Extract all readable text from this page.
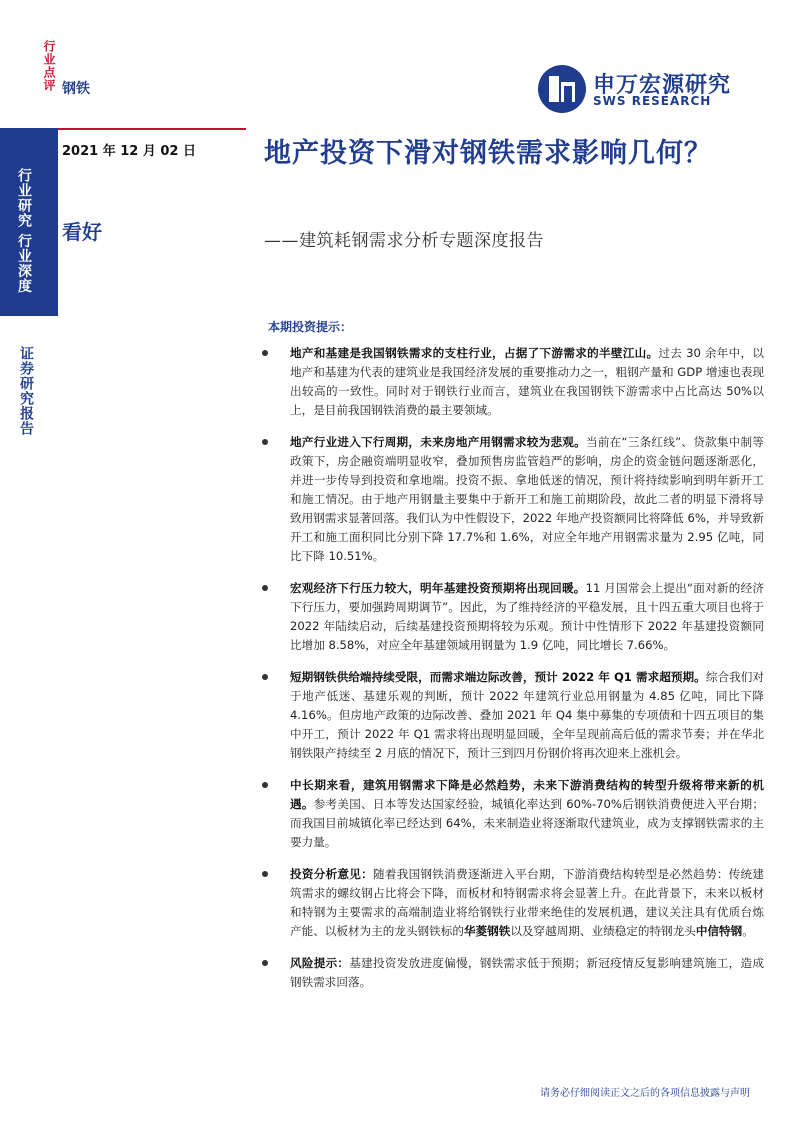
行业点评
行业研究 行业深度
证券研究报告
钢铁
2021 年 12 月 02 日
看好
申万宏源研究
SWS RESEARCH
地产投资下滑对钢铁需求影响几何？
——建筑耗钢需求分析专题深度报告
本期投资提示：
地产和基建是我国钢铁需求的支柱行业，占据了下游需求的半壁江山。过去 30 余年中，以地产和基建为代表的建筑业是我国经济发展的重要推动力之一，粗钢产量和 GDP 增速也表现出较高的一致性。同时对于钢铁行业而言，建筑业在我国钢铁下游需求中占比高达 50%以上，是目前我国钢铁消费的最主要领域。
地产行业进入下行周期，未来房地产用钢需求较为悲观。当前在“三条红线”、贷款集中制等政策下，房企融资端明显收窄，叠加预售房监管趋严的影响，房企的资金链问题逐渐恶化，并进一步传导到投资和拿地端。投资不振、拿地低迷的情况，预计将持续影响到明年新开工和施工情况。由于地产用钢量主要集中于新开工和施工前期阶段，故此二者的明显下滑将导致用钢需求显著回落。我们认为中性假设下，2022 年地产投资额同比将降低 6%，并导致新开工和施工面积同比分别下降 17.7%和 1.6%，对应全年地产用钢需求量为 2.95 亿吨，同比下降 10.51%。
宏观经济下行压力较大，明年基建投资预期将出现回暖。11 月国常会上提出“面对新的经济下行压力，要加强跨周期调节”。因此，为了维持经济的平稳发展，且十四五重大项目也将于 2022 年陆续启动，后续基建投资预期将较为乐观。预计中性情形下 2022 年基建投资额同比增加 8.58%，对应全年基建领域用钢量为 1.9 亿吨，同比增长 7.66%。
短期钢铁供给端持续受限，而需求端边际改善，预计 2022 年 Q1 需求超预期。综合我们对于地产低迷、基建乐观的判断，预计 2022 年建筑行业总用钢量为 4.85 亿吨，同比下降 4.16%。但房地产政策的边际改善、叠加 2021 年 Q4 集中募集的专项债和十四五项目的集中开工，预计 2022 年 Q1 需求将出现明显回暖，全年呈现前高后低的需求节奏；并在华北钢铁限产持续至 2 月底的情况下，预计三到四月份钢价将再次迎来上涨机会。
中长期来看，建筑用钢需求下降是必然趋势，未来下游消费结构的转型升级将带来新的机遇。参考美国、日本等发达国家经验，城镇化率达到 60%-70%后钢铁消费便进入平台期；而我国目前城镇化率已经达到 64%，未来制造业将逐渐取代建筑业，成为支撑钢铁需求的主要力量。
投资分析意见：随着我国钢铁消费逐渐进入平台期，下游消费结构转型是必然趋势：传统建筑需求的螺纹钢占比将会下降，而板材和特钢需求将会显著上升。在此背景下，未来以板材和特钢为主要需求的高端制造业将给钢铁行业带来绝佳的发展机遇，建议关注具有优质台炼产能、以板材为主的龙头钢铁标的华菱钢铁以及穿越周期、业绩稳定的特钢龙头中信特钢。
风险提示：基建投资发放进度偏慢，钢铁需求低于预期；新冠疫情反复影响建筑施工，造成钢铁需求回落。
请务必仔细阅读正文之后的各项信息披露与声明
